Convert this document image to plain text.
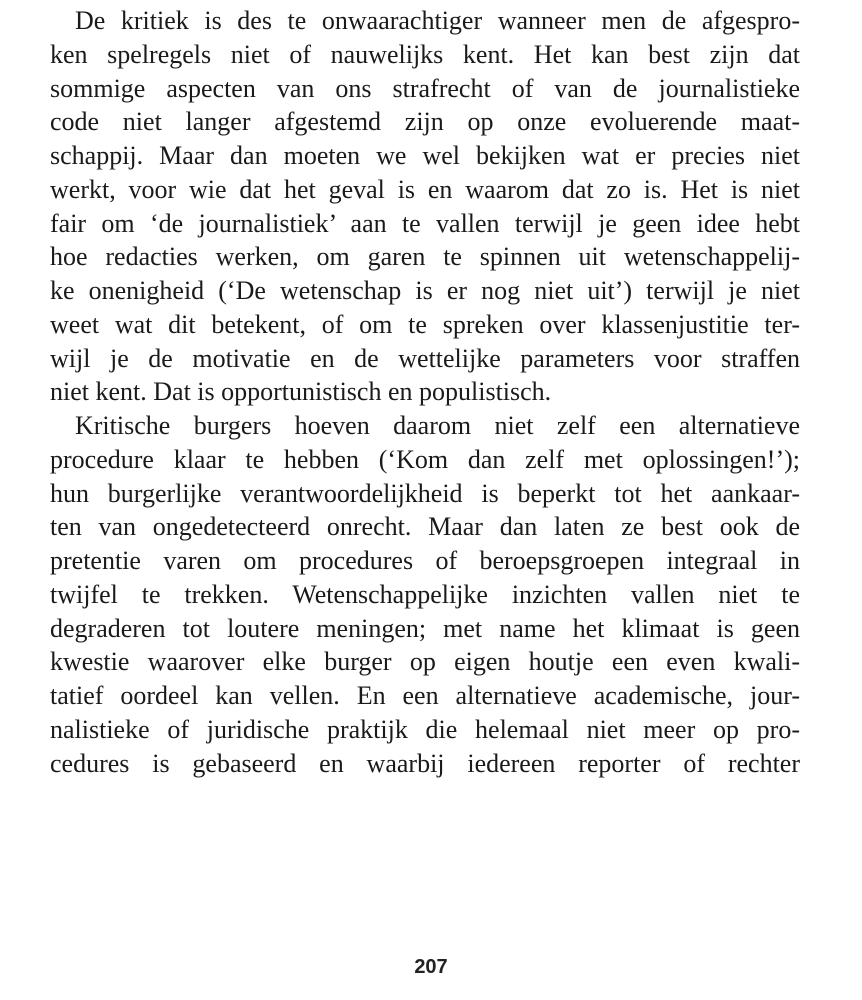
De kritiek is des te onwaarachtiger wanneer men de afgespro-
ken spelregels niet of nauwelijks kent. Het kan best zijn dat
sommige aspecten van ons strafrecht of van de journalistieke
code niet langer afgestemd zijn op onze evoluerende maat-
schappij. Maar dan moeten we wel bekijken wat er precies niet
werkt, voor wie dat het geval is en waarom dat zo is. Het is niet
fair om ‘de journalistiek’ aan te vallen terwijl je geen idee hebt
hoe redacties werken, om garen te spinnen uit wetenschappelij-
ke onenigheid (‘De wetenschap is er nog niet uit’) terwijl je niet
weet wat dit betekent, of om te spreken over klassenjustitie ter-
wijl je de motivatie en de wettelijke parameters voor straffen
niet kent. Dat is opportunistisch en populistisch.
Kritische burgers hoeven daarom niet zelf een alternatieve
procedure klaar te hebben (‘Kom dan zelf met oplossingen!’);
hun burgerlijke verantwoordelijkheid is beperkt tot het aankaar-
ten van ongedetecteerd onrecht. Maar dan laten ze best ook de
pretentie varen om procedures of beroepsgroepen integraal in
twijfel te trekken. Wetenschappelijke inzichten vallen niet te
degraderen tot loutere meningen; met name het klimaat is geen
kwestie waarover elke burger op eigen houtje een even kwali-
tatief oordeel kan vellen. En een alternatieve academische, jour-
nalistieke of juridische praktijk die helemaal niet meer op pro-
cedures is gebaseerd en waarbij iedereen reporter of rechter
207
